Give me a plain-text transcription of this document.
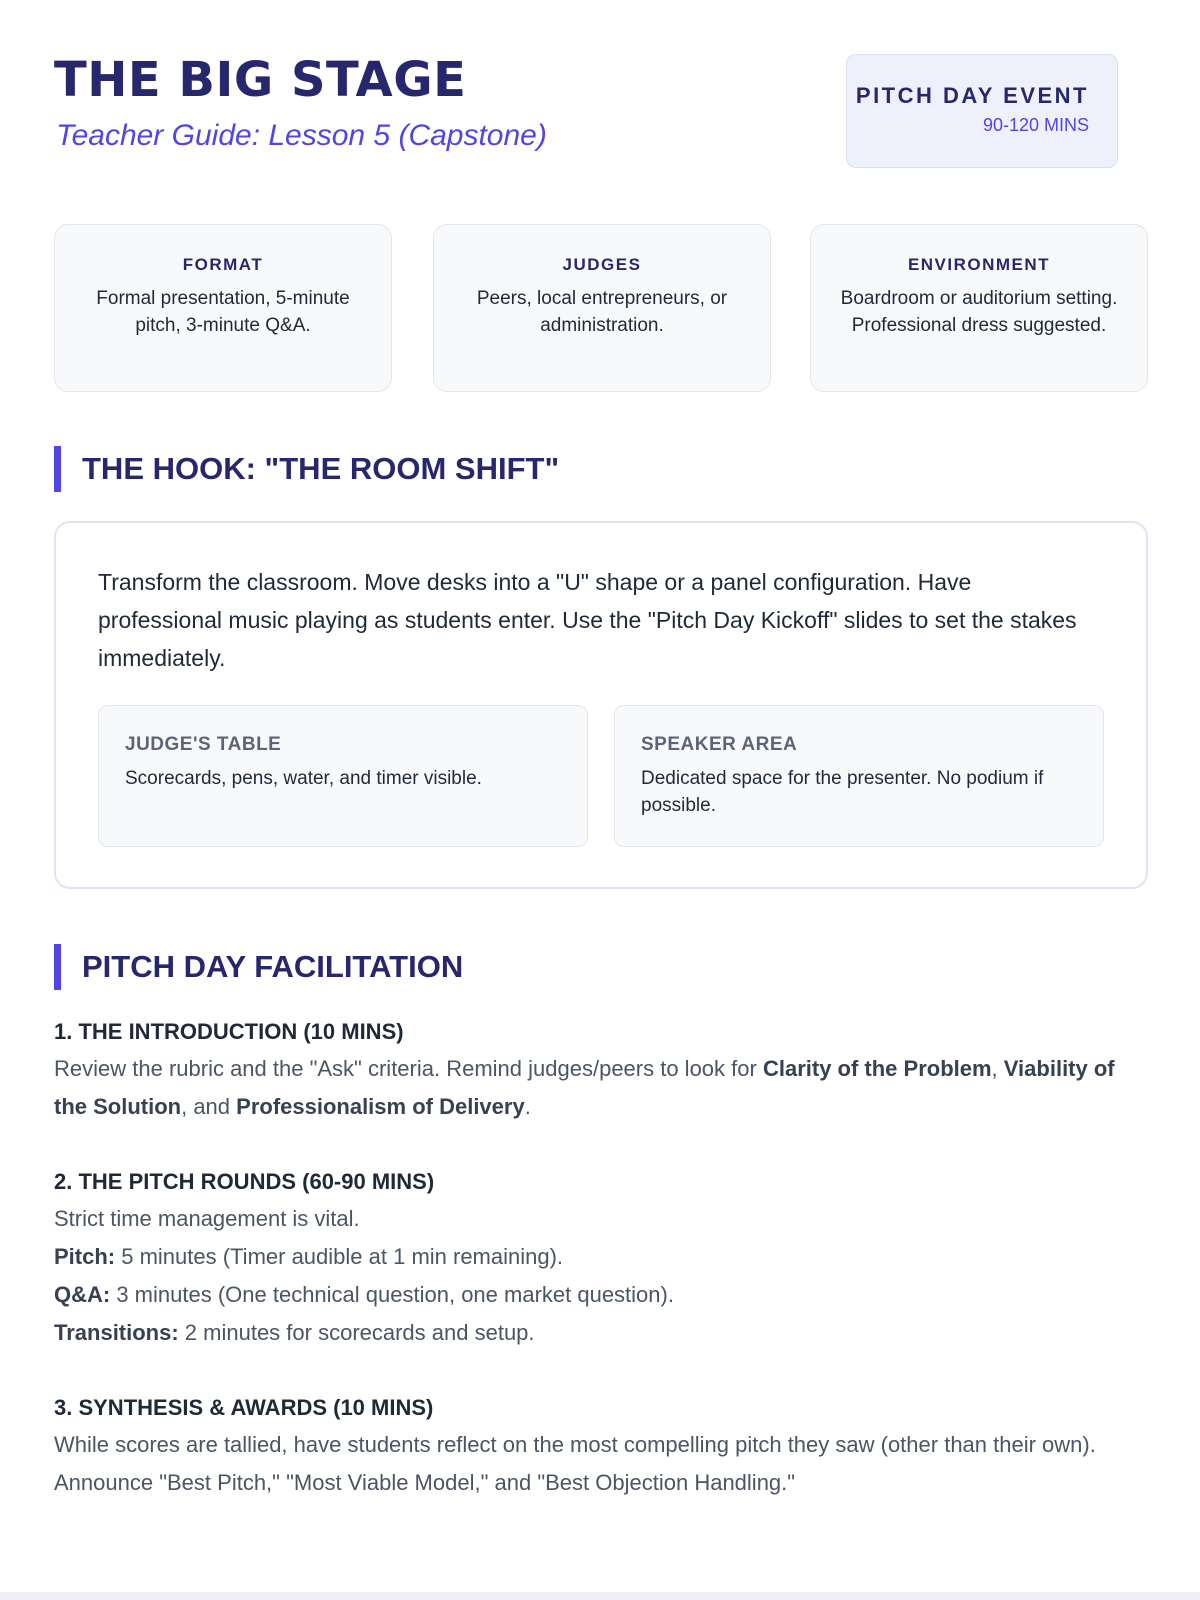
THE BIG STAGE
Teacher Guide: Lesson 5 (Capstone)
PITCH DAY EVENT
90-120 MINS
FORMAT
Formal presentation, 5-minute pitch, 3-minute Q&A.
JUDGES
Peers, local entrepreneurs, or administration.
ENVIRONMENT
Boardroom or auditorium setting. Professional dress suggested.
THE HOOK: "THE ROOM SHIFT"
Transform the classroom. Move desks into a "U" shape or a panel configuration. Have professional music playing as students enter. Use the "Pitch Day Kickoff" slides to set the stakes immediately.
JUDGE'S TABLE
Scorecards, pens, water, and timer visible.
SPEAKER AREA
Dedicated space for the presenter. No podium if possible.
PITCH DAY FACILITATION
1. THE INTRODUCTION (10 MINS)
Review the rubric and the "Ask" criteria. Remind judges/peers to look for Clarity of the Problem, Viability of the Solution, and Professionalism of Delivery.
2. THE PITCH ROUNDS (60-90 MINS)
Strict time management is vital.
Pitch: 5 minutes (Timer audible at 1 min remaining).
Q&A: 3 minutes (One technical question, one market question).
Transitions: 2 minutes for scorecards and setup.
3. SYNTHESIS & AWARDS (10 MINS)
While scores are tallied, have students reflect on the most compelling pitch they saw (other than their own). Announce "Best Pitch," "Most Viable Model," and "Best Objection Handling."
